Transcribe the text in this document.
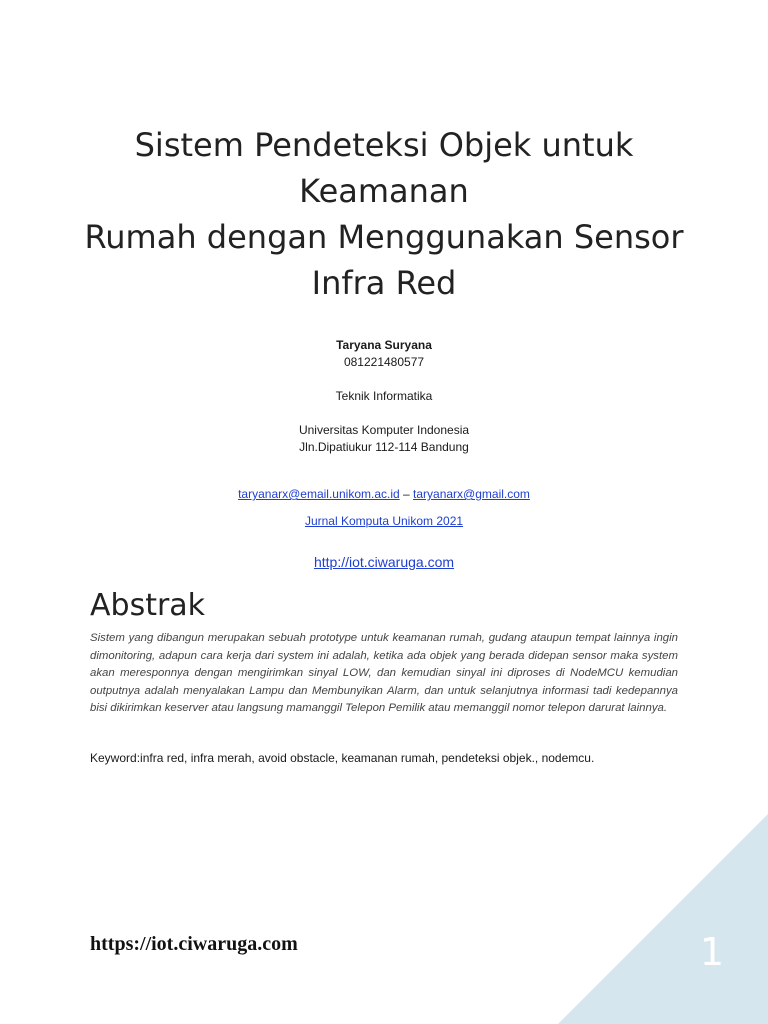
Sistem Pendeteksi Objek untuk Keamanan
Rumah dengan Menggunakan Sensor
Infra Red
Taryana Suryana
081221480577
Teknik Informatika
Universitas Komputer Indonesia
Jln.Dipatiukur 112-114 Bandung
taryanarx@email.unikom.ac.id – taryanarx@gmail.com
Jurnal Komputa Unikom 2021
http://iot.ciwaruga.com
Abstrak

Sistem yang dibangun merupakan sebuah prototype untuk keamanan rumah, gudang ataupun tempat lainnya ingin dimonitoring, adapun cara kerja dari system ini adalah, ketika ada objek yang berada didepan sensor maka system akan meresponnya dengan mengirimkan sinyal LOW, dan kemudian sinyal ini diproses di NodeMCU kemudian outputnya adalah menyalakan Lampu dan Membunyikan Alarm, dan untuk selanjutnya informasi tadi kedepannya bisi dikirimkan keserver atau langsung mamanggil Telepon Pemilik atau memanggil nomor telepon darurat lainnya.

Keyword:infra red, infra merah, avoid obstacle, keamanan rumah, pendeteksi objek., nodemcu.

https://iot.ciwaruga.com	1
